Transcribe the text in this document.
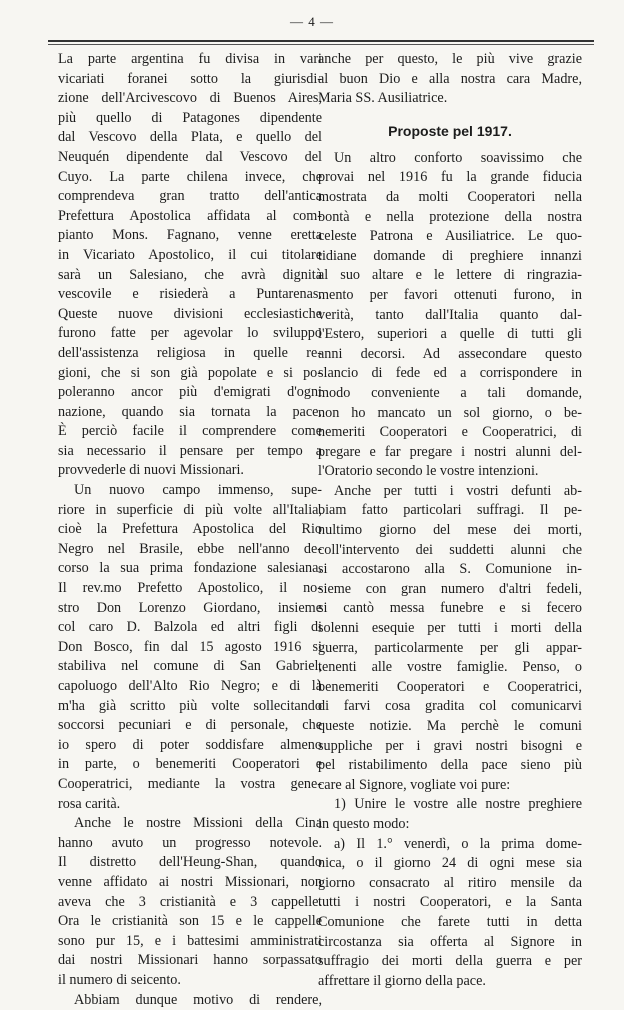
— 4 —
La parte argentina fu divisa in vari
vicariati foranei sotto la giurisdi-
zione dell'Arcivescovo di Buenos Aires,
più quello di Patagones dipendente
dal Vescovo della Plata, e quello del
Neuquén dipendente dal Vescovo del
Cuyo. La parte chilena invece, che
comprendeva gran tratto dell'antica
Prefettura Apostolica affidata al com-
pianto Mons. Fagnano, venne eretta
in Vicariato Apostolico, il cui titolare
sarà un Salesiano, che avrà dignità
vescovile e risiederà a Puntarenas.
Queste nuove divisioni ecclesiastiche
furono fatte per agevolar lo sviluppo
dell'assistenza religiosa in quelle re-
gioni, che si son già popolate e si po-
poleranno ancor più d'emigrati d'ogni
nazione, quando sia tornata la pace.
È perciò facile il comprendere come
sia necessario il pensare per tempo a
provvederle di nuovi Missionari.
Un nuovo campo immenso, supe-
riore in superficie di più volte all'Italia,
cioè la Prefettura Apostolica del Rio
Negro nel Brasile, ebbe nell'anno de-
corso la sua prima fondazione salesiana.
Il rev.mo Prefetto Apostolico, il no-
stro Don Lorenzo Giordano, insieme
col caro D. Balzola ed altri figli di
Don Bosco, fin dal 15 agosto 1916 si
stabiliva nel comune di San Gabriel,
capoluogo dell'Alto Rio Negro; e di là
m'ha già scritto più volte sollecitando
soccorsi pecuniari e di personale, che
io spero di poter soddisfare almeno
in parte, o benemeriti Cooperatori e
Cooperatrici, mediante la vostra gene-
rosa carità.
Anche le nostre Missioni della Cina
hanno avuto un progresso notevole.
Il distretto dell'Heung-Shan, quando
venne affidato ai nostri Missionari, non
aveva che 3 cristianità e 3 cappelle.
Ora le cristianità son 15 e le cappelle
sono pur 15, e i battesimi amministrati
dai nostri Missionari hanno sorpassato
il numero di seicento.
Abbiam dunque motivo di rendere,
anche per questo, le più vive grazie
al buon Dio e alla nostra cara Madre,
Maria SS. Ausiliatrice.
Proposte pel 1917.
Un altro conforto soavissimo che
provai nel 1916 fu la grande fiducia
mostrata da molti Cooperatori nella
bontà e nella protezione della nostra
celeste Patrona e Ausiliatrice. Le quo-
tidiane domande di preghiere innanzi
al suo altare e le lettere di ringrazia-
mento per favori ottenuti furono, in
verità, tanto dall'Italia quanto dal-
l'Estero, superiori a quelle di tutti gli
anni decorsi. Ad assecondare questo
slancio di fede ed a corrispondere in
modo conveniente a tali domande,
non ho mancato un sol giorno, o be-
nemeriti Cooperatori e Cooperatrici, di
pregare e far pregare i nostri alunni del-
l'Oratorio secondo le vostre intenzioni.
Anche per tutti i vostri defunti ab-
biam fatto particolari suffragi. Il pe-
nultimo giorno del mese dei morti,
coll'intervento dei suddetti alunni che
si accostarono alla S. Comunione in-
sieme con gran numero d'altri fedeli,
si cantò messa funebre e si fecero
solenni esequie per tutti i morti della
guerra, particolarmente per gli appar-
tenenti alle vostre famiglie. Penso, o
benemeriti Cooperatori e Cooperatrici,
di farvi cosa gradita col comunicarvi
queste notizie. Ma perchè le comuni
suppliche per i gravi nostri bisogni e
pel ristabilimento della pace sieno più
care al Signore, vogliate voi pure:
1) Unire le vostre alle nostre preghiere
in questo modo:
a) Il 1.° venerdì, o la prima dome-
nica, o il giorno 24 di ogni mese sia
giorno consacrato al ritiro mensile da
tutti i nostri Cooperatori, e la Santa
Comunione che farete tutti in detta
circostanza sia offerta al Signore in
suffragio dei morti della guerra e per
affrettare il giorno della pace.
